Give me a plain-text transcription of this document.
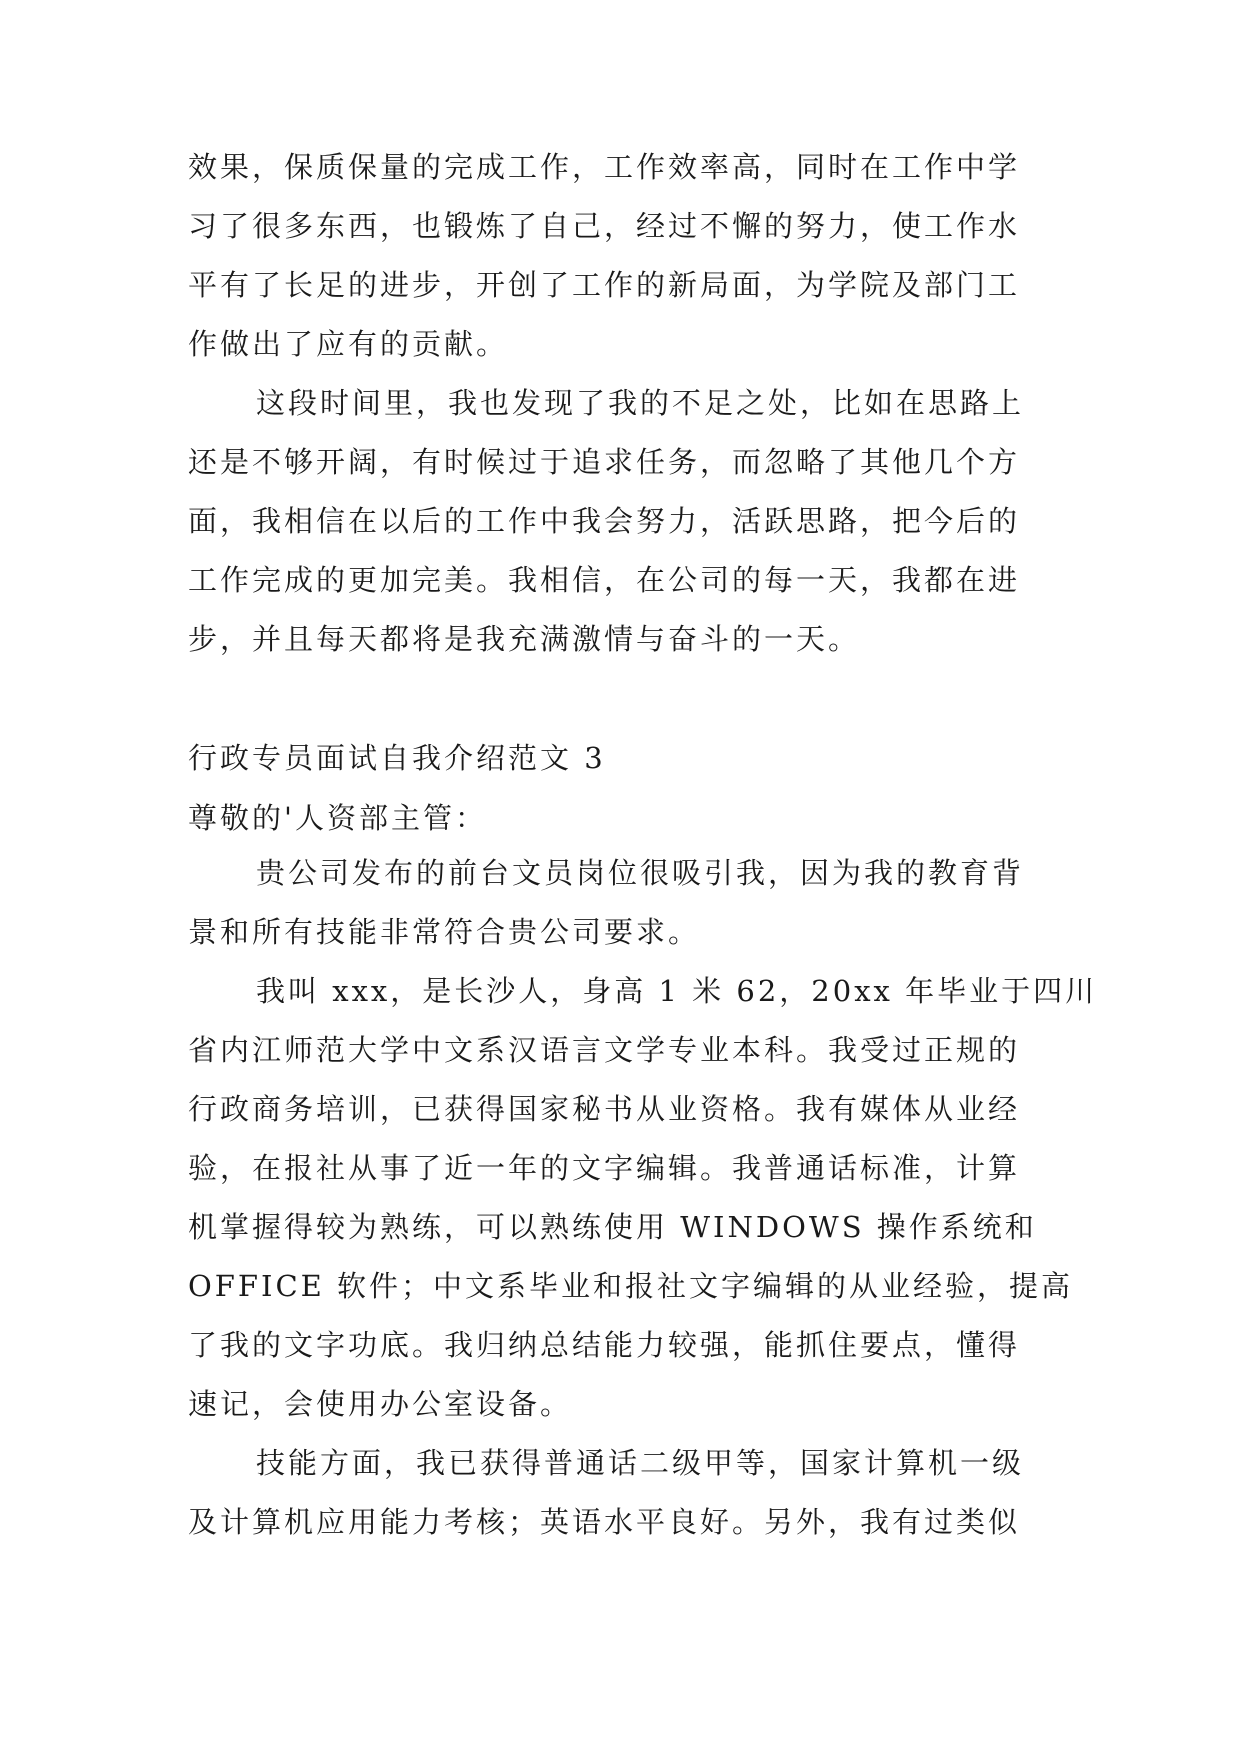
效果，保质保量的完成工作，工作效率高，同时在工作中学
习了很多东西，也锻炼了自己，经过不懈的努力，使工作水
平有了长足的进步，开创了工作的新局面，为学院及部门工
作做出了应有的贡献。
这段时间里，我也发现了我的不足之处，比如在思路上
还是不够开阔，有时候过于追求任务，而忽略了其他几个方
面，我相信在以后的工作中我会努力，活跃思路，把今后的
工作完成的更加完美。我相信，在公司的每一天，我都在进
步，并且每天都将是我充满激情与奋斗的一天。
行政专员面试自我介绍范文 3
尊敬的'人资部主管：
贵公司发布的前台文员岗位很吸引我，因为我的教育背
景和所有技能非常符合贵公司要求。
我叫 xxx，是长沙人，身高 1 米 62，20xx 年毕业于四川
省内江师范大学中文系汉语言文学专业本科。我受过正规的
行政商务培训，已获得国家秘书从业资格。我有媒体从业经
验，在报社从事了近一年的文字编辑。我普通话标准，计算
机掌握得较为熟练，可以熟练使用 WINDOWS 操作系统和
OFFICE 软件；中文系毕业和报社文字编辑的从业经验，提高
了我的文字功底。我归纳总结能力较强，能抓住要点，懂得
速记，会使用办公室设备。
技能方面，我已获得普通话二级甲等，国家计算机一级
及计算机应用能力考核；英语水平良好。另外，我有过类似
